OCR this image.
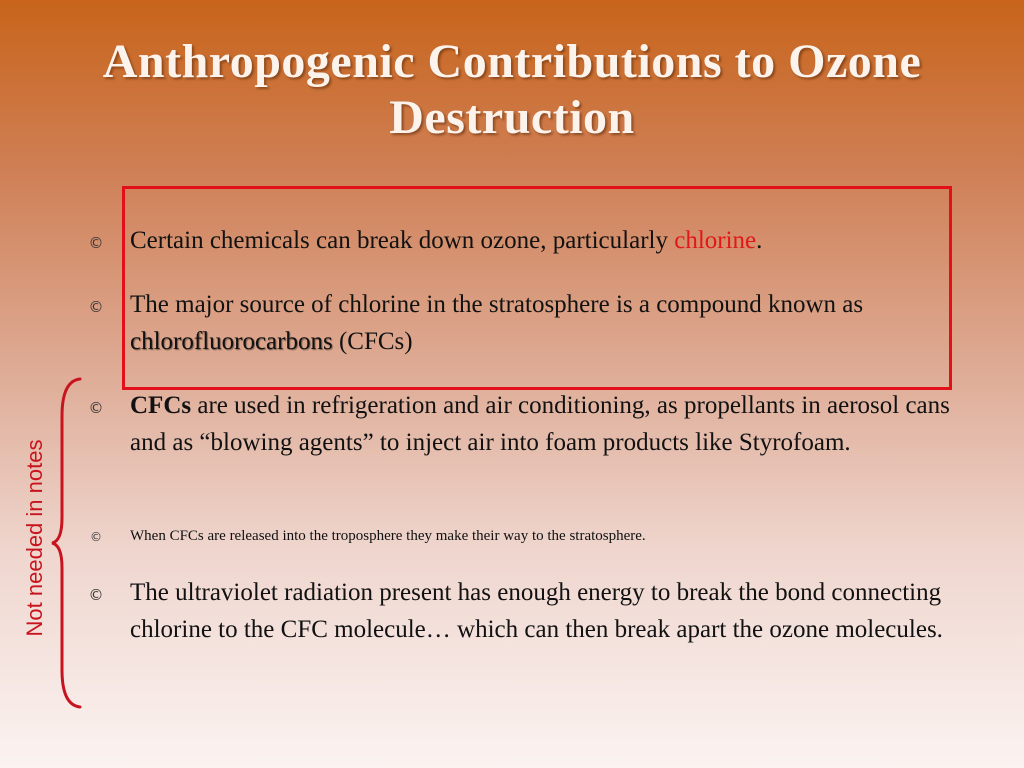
Anthropogenic Contributions to Ozone
Destruction
Not needed in notes
© Certain chemicals can break down ozone, particularly chlorine.
© The major source of chlorine in the stratosphere is a compound known as chlorofluorocarbons (CFCs)
© CFCs are used in refrigeration and air conditioning, as propellants in aerosol cans and as “blowing agents” to inject air into foam products like Styrofoam.
© When CFCs are released into the troposphere they make their way to the stratosphere.
© The ultraviolet radiation present has enough energy to break the bond connecting chlorine to the CFC molecule… which can then break apart the ozone molecules.
